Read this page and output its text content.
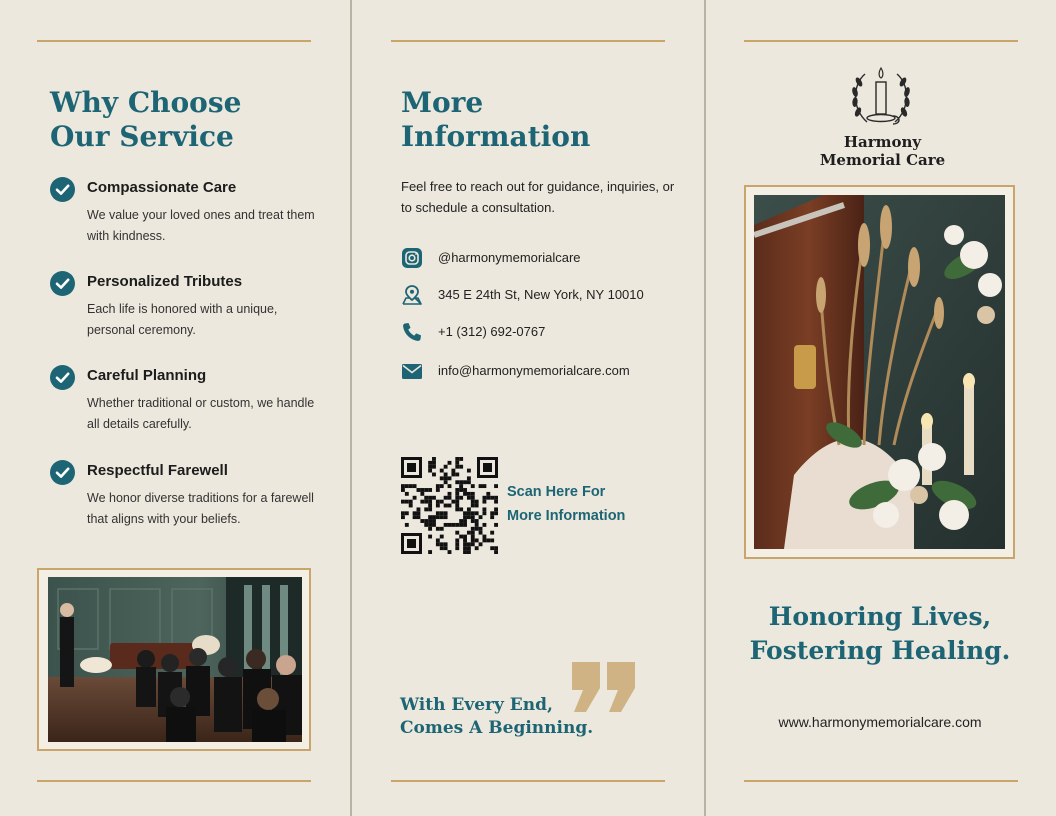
Why Choose
Our Service
Compassionate Care
We value your loved ones and treat them with kindness.
Personalized Tributes
Each life is honored with a unique, personal ceremony.
Careful Planning
Whether traditional or custom, we handle all details carefully.
Respectful Farewell
We honor diverse traditions for a farewell that aligns with your beliefs.
More
Information
Feel free to reach out for guidance, inquiries, or to schedule a consultation.
@harmonymemorialcare
345 E 24th St, New York, NY 10010
+1 (312) 692-0767
info@harmonymemorialcare.com
Scan Here For
More Information
With Every End,
Comes A Beginning.
Harmony
Memorial Care
Honoring Lives,
Fostering Healing.
www.harmonymemorialcare.com
